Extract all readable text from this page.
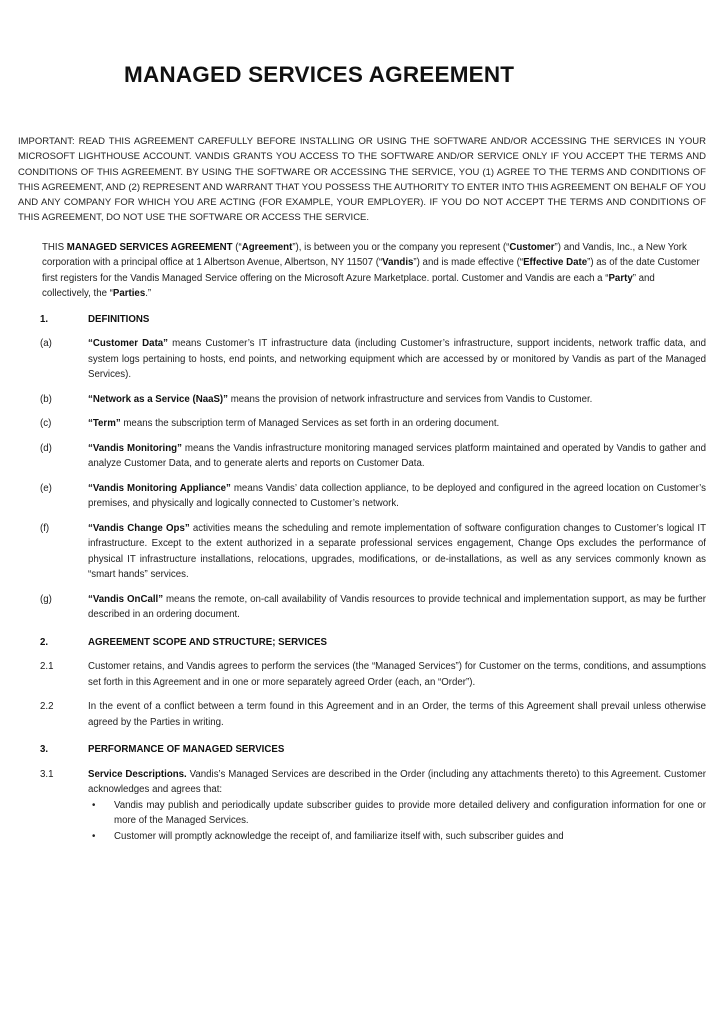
MANAGED SERVICES AGREEMENT
IMPORTANT: READ THIS AGREEMENT CAREFULLY BEFORE INSTALLING OR USING THE SOFTWARE AND/OR ACCESSING THE SERVICES IN YOUR MICROSOFT LIGHTHOUSE ACCOUNT. VANDIS GRANTS YOU ACCESS TO THE SOFTWARE AND/OR SERVICE ONLY IF YOU ACCEPT THE TERMS AND CONDITIONS OF THIS AGREEMENT. BY USING THE SOFTWARE OR ACCESSING THE SERVICE, YOU (1) AGREE TO THE TERMS AND CONDITIONS OF THIS AGREEMENT, AND (2) REPRESENT AND WARRANT THAT YOU POSSESS THE AUTHORITY TO ENTER INTO THIS AGREEMENT ON BEHALF OF YOU AND ANY COMPANY FOR WHICH YOU ARE ACTING (FOR EXAMPLE, YOUR EMPLOYER). IF YOU DO NOT ACCEPT THE TERMS AND CONDITIONS OF THIS AGREEMENT, DO NOT USE THE SOFTWARE OR ACCESS THE SERVICE.
THIS MANAGED SERVICES AGREEMENT (“Agreement”), is between you or the company you represent (“Customer”) and Vandis, Inc., a New York corporation with a principal office at 1 Albertson Avenue, Albertson, NY 11507 (“Vandis”) and is made effective (“Effective Date”) as of the date Customer first registers for the Vandis Managed Service offering on the Microsoft Azure Marketplace. portal. Customer and Vandis are each a “Party” and collectively, the “Parties.”
1.	DEFINITIONS
(a)	“Customer Data” means Customer’s IT infrastructure data (including Customer’s infrastructure, support incidents, network traffic data, and system logs pertaining to hosts, end points, and networking equipment which are accessed by or monitored by Vandis as part of the Managed Services).
(b)	“Network as a Service (NaaS)” means the provision of network infrastructure and services from Vandis to Customer.
(c)	“Term” means the subscription term of Managed Services as set forth in an ordering document.
(d)	“Vandis Monitoring” means the Vandis infrastructure monitoring managed services platform maintained and operated by Vandis to gather and analyze Customer Data, and to generate alerts and reports on Customer Data.
(e)	“Vandis Monitoring Appliance” means Vandis’ data collection appliance, to be deployed and configured in the agreed location on Customer’s premises, and physically and logically connected to Customer’s network.
(f)	“Vandis Change Ops” activities means the scheduling and remote implementation of software configuration changes to Customer’s logical IT infrastructure. Except to the extent authorized in a separate professional services engagement, Change Ops excludes the performance of physical IT infrastructure installations, relocations, upgrades, modifications, or de-installations, as well as any services commonly known as “smart hands” services.
(g)	“Vandis OnCall” means the remote, on-call availability of Vandis resources to provide technical and implementation support, as may be further described in an ordering document.
2.	AGREEMENT SCOPE AND STRUCTURE; SERVICES
2.1	Customer retains, and Vandis agrees to perform the services (the “Managed Services”) for Customer on the terms, conditions, and assumptions set forth in this Agreement and in one or more separately agreed Order (each, an “Order”).
2.2	In the event of a conflict between a term found in this Agreement and in an Order, the terms of this Agreement shall prevail unless otherwise agreed by the Parties in writing.
3.	PERFORMANCE OF MANAGED SERVICES
3.1	Service Descriptions. Vandis’s Managed Services are described in the Order (including any attachments thereto) to this Agreement. Customer acknowledges and agrees that:
• Vandis may publish and periodically update subscriber guides to provide more detailed delivery and configuration information for one or more of the Managed Services.
• Customer will promptly acknowledge the receipt of, and familiarize itself with, such subscriber guides and
